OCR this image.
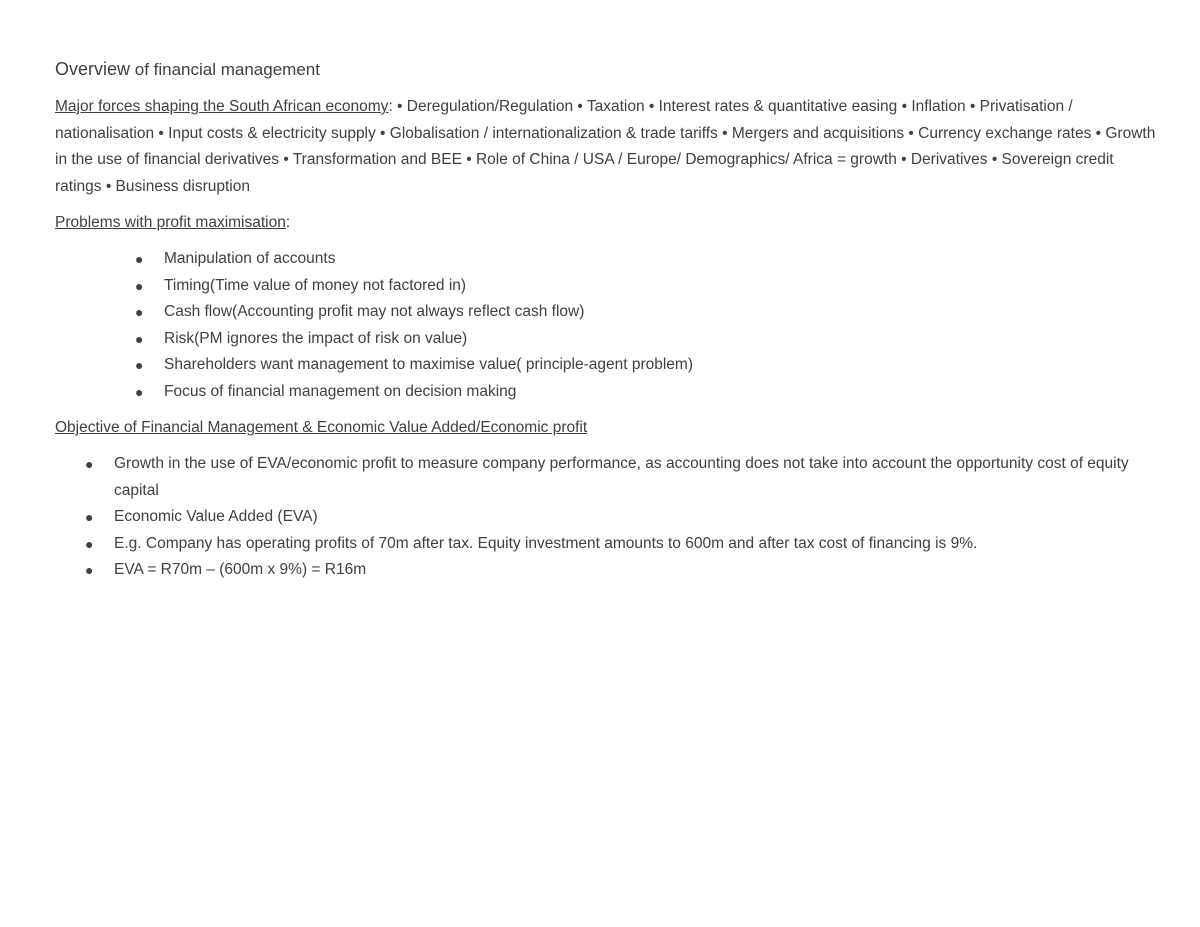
Overview of financial management
Major forces shaping the South African economy: • Deregulation/Regulation • Taxation • Interest rates & quantitative easing • Inflation • Privatisation / nationalisation • Input costs & electricity supply • Globalisation / internationalization & trade tariffs • Mergers and acquisitions • Currency exchange rates • Growth in the use of financial derivatives • Transformation and BEE • Role of China / USA / Europe/ Demographics/ Africa = growth • Derivatives • Sovereign credit ratings • Business disruption
Problems with profit maximisation:
● Manipulation of accounts
● Timing(Time value of money not factored in)
● Cash flow(Accounting profit may not always reflect cash flow)
● Risk(PM ignores the impact of risk on value)
● Shareholders want management to maximise value( principle-agent problem)
● Focus of financial management on decision making
Objective of Financial Management & Economic Value Added/Economic profit
● Growth in the use of EVA/economic profit to measure company performance, as accounting does not take into account the opportunity cost of equity capital
● Economic Value Added (EVA)
● E.g. Company has operating profits of 70m after tax. Equity investment amounts to 600m and after tax cost of financing is 9%.
● EVA = R70m – (600m x 9%) = R16m
